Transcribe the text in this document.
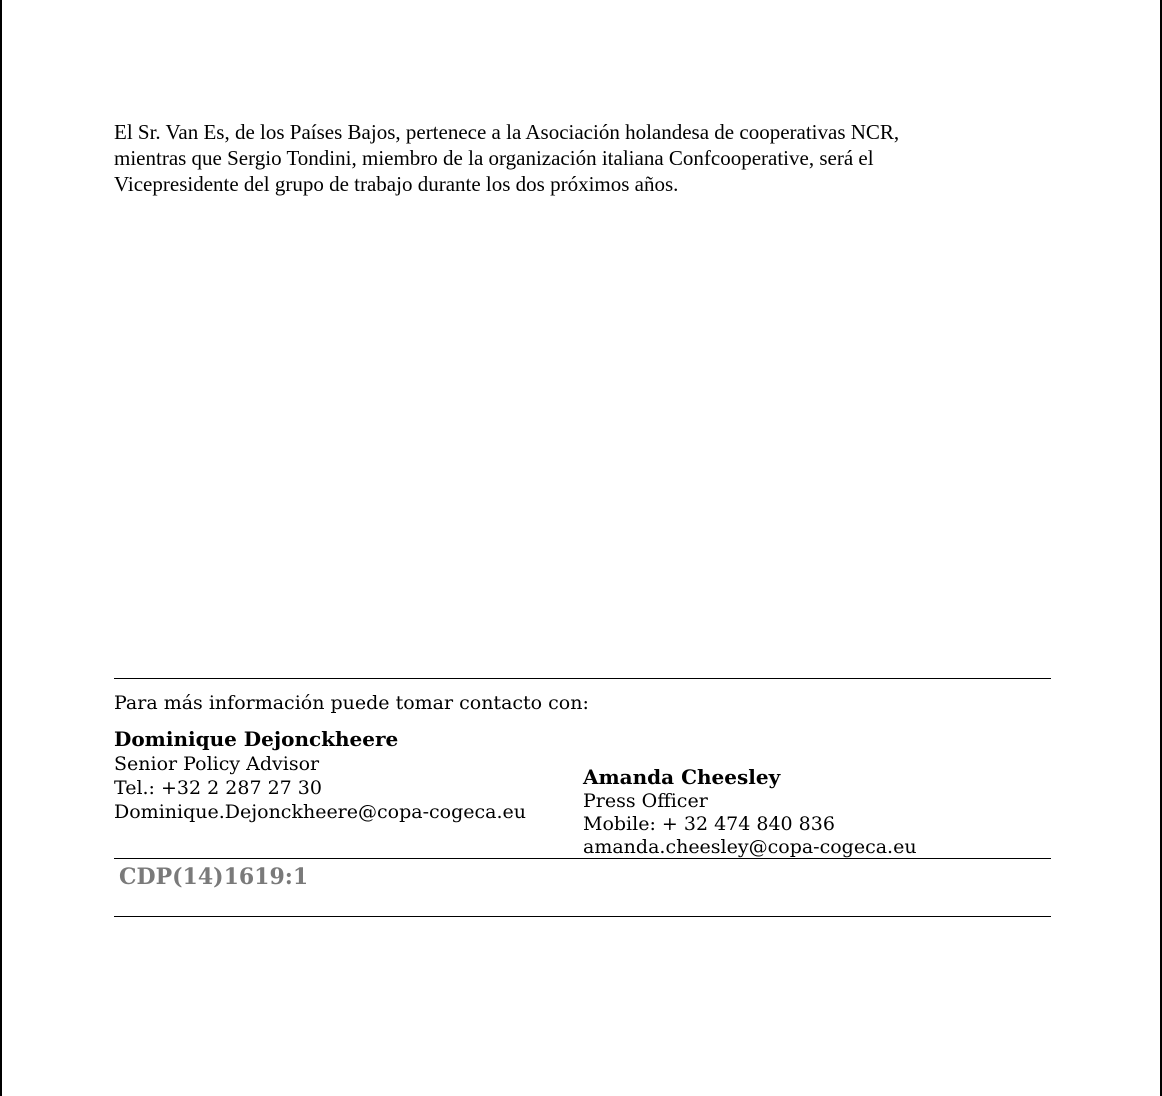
El Sr. Van Es, de los Países Bajos, pertenece a la Asociación holandesa de cooperativas NCR, mientras que Sergio Tondini, miembro de la organización italiana Confcooperative, será el Vicepresidente del grupo de trabajo durante los dos próximos años.

Para más información puede tomar contacto con:
Dominique Dejonckheere
Senior Policy Advisor
Tel.: +32 2 287 27 30
Dominique.Dejonckheere@copa-cogeca.eu
Amanda Cheesley
Press Officer
Mobile: + 32 474 840 836
amanda.cheesley@copa-cogeca.eu
CDP(14)1619:1
